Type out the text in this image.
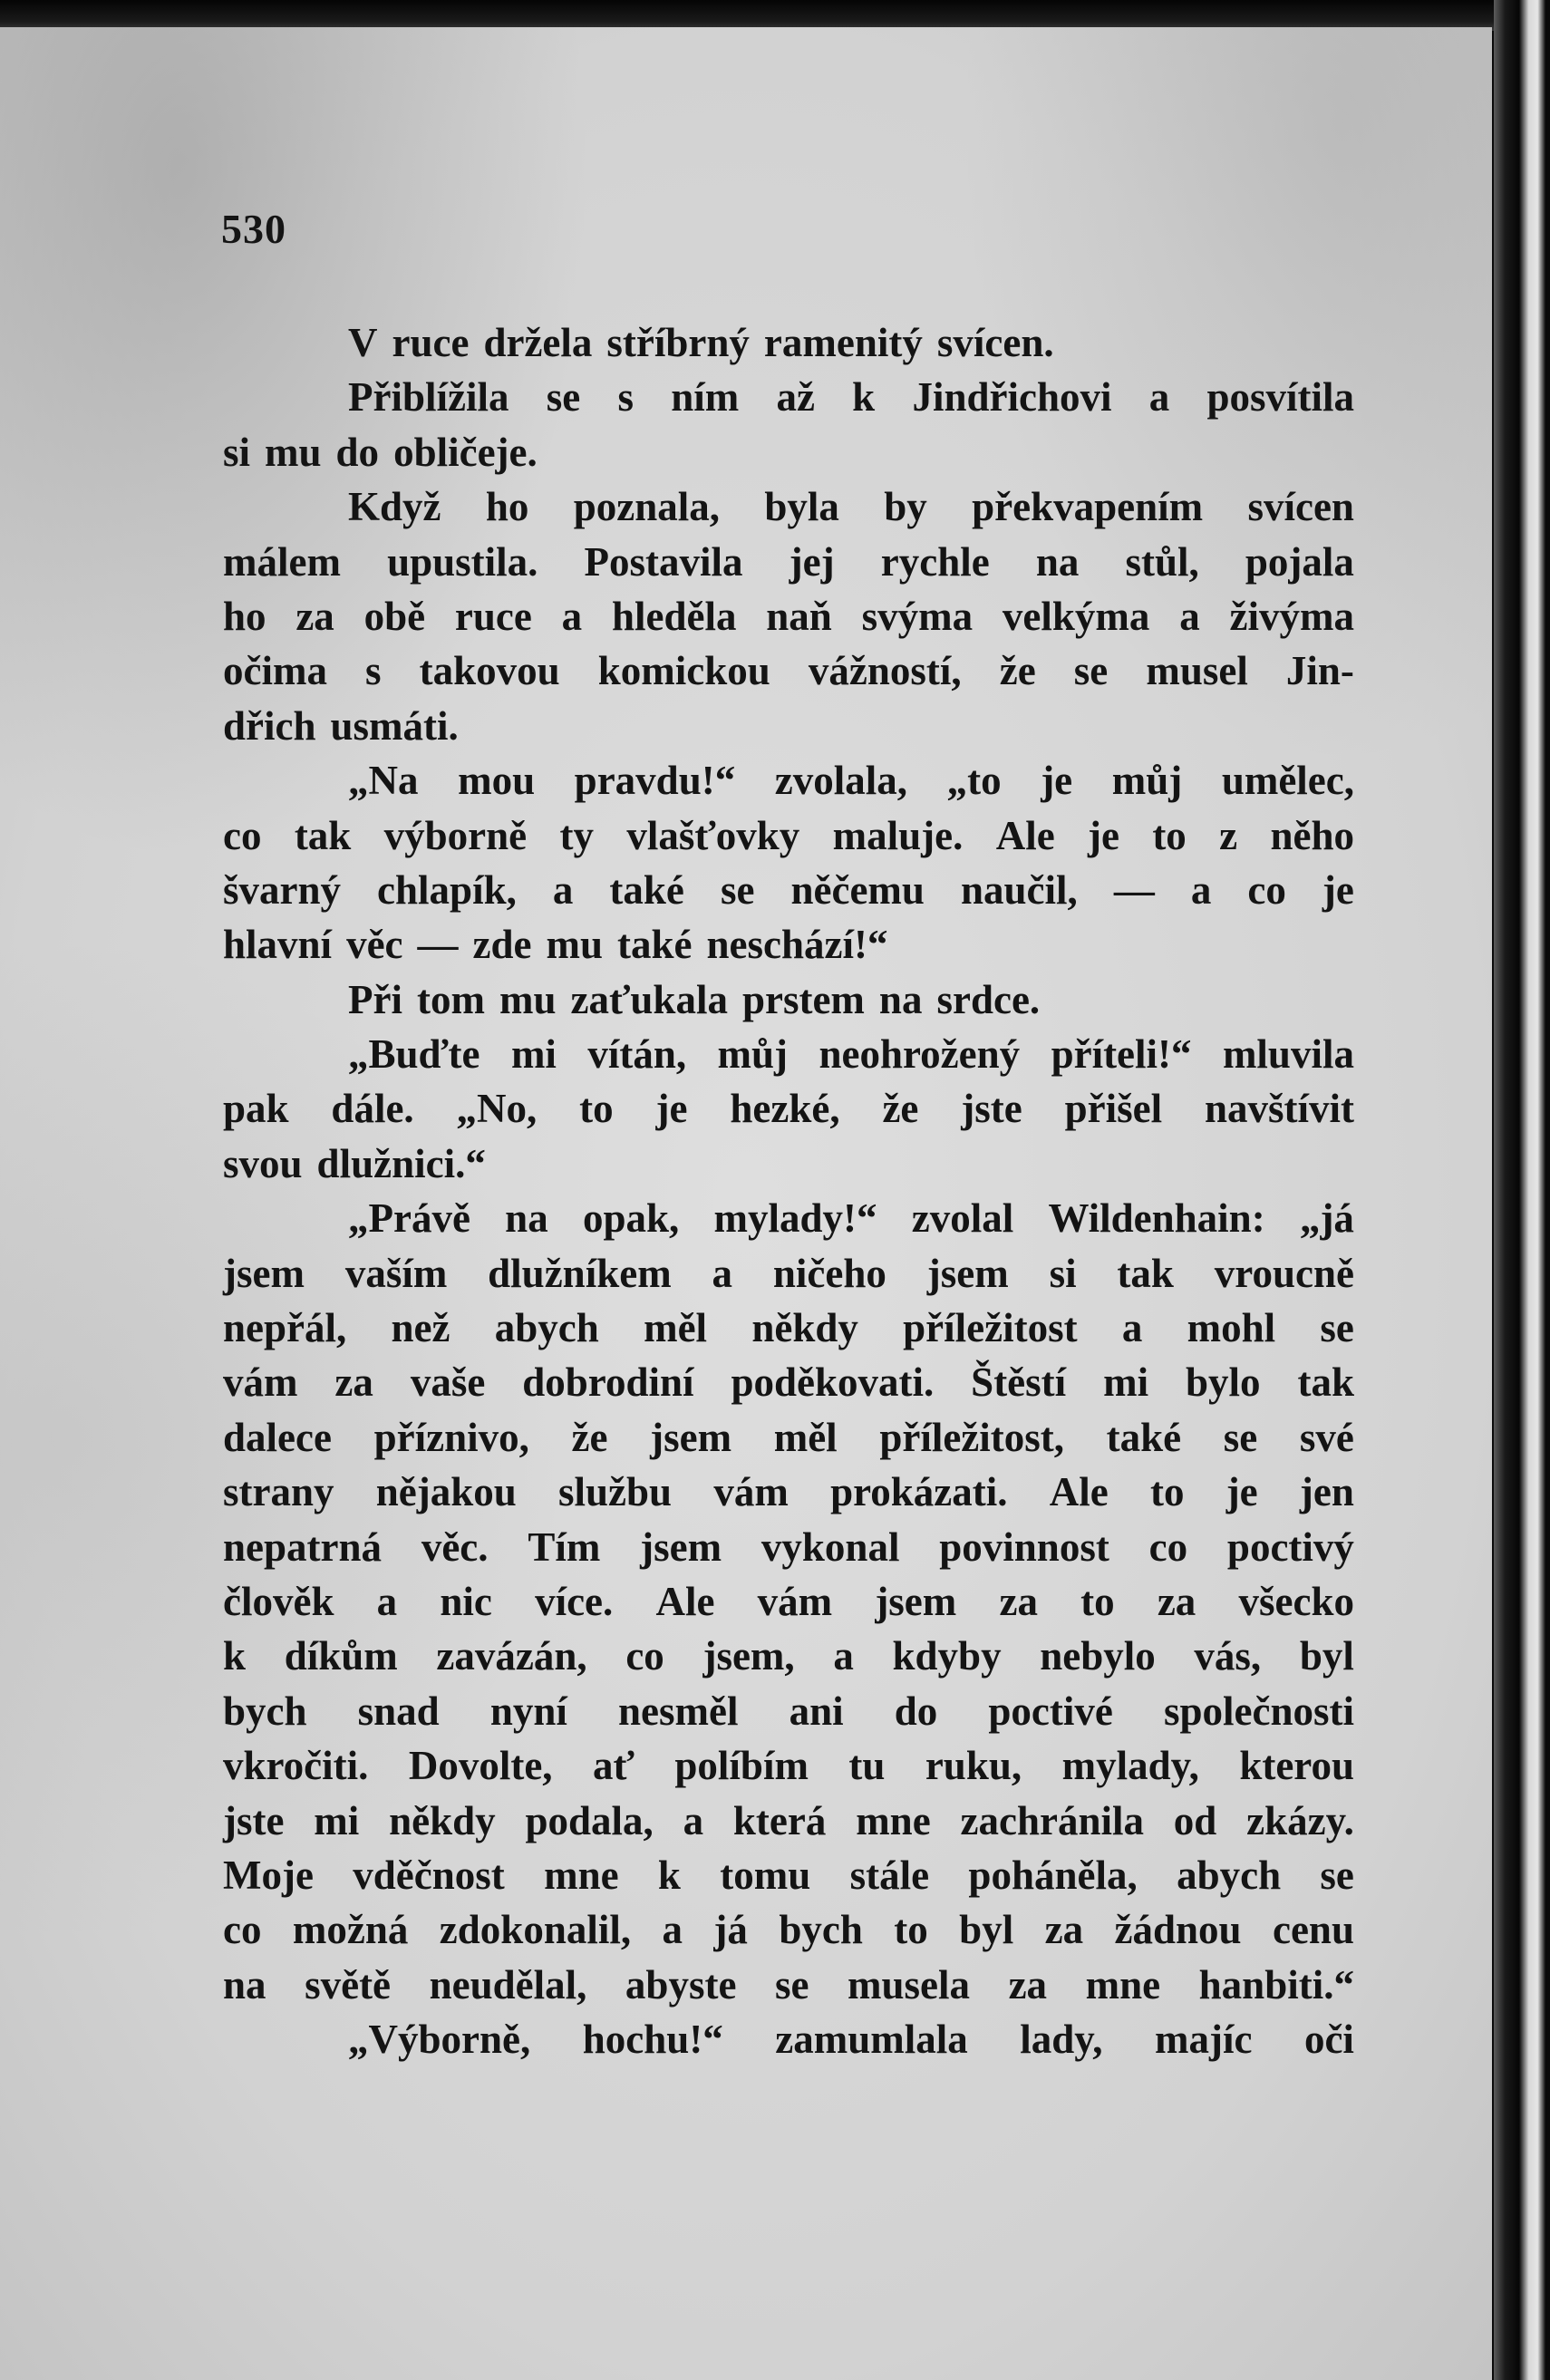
530
V ruce držela stříbrný ramenitý svícen.
Přiblížila se s ním až k Jindřichovi a posvítila
si mu do obličeje.
Když ho poznala, byla by překvapením svícen
málem upustila. Postavila jej rychle na stůl, pojala
ho za obě ruce a hleděla naň svýma velkýma a živýma
očima s takovou komickou vážností, že se musel Jin-
dřich usmáti.
„Na mou pravdu!“ zvolala, „to je můj umělec,
co tak výborně ty vlašťovky maluje. Ale je to z něho
švarný chlapík, a také se něčemu naučil, — a co je
hlavní věc — zde mu také neschází!“
Při tom mu zaťukala prstem na srdce.
„Buďte mi vítán, můj neohrožený příteli!“ mluvila
pak dále. „No, to je hezké, že jste přišel navštívit
svou dlužnici.“
„Právě na opak, mylady!“ zvolal Wildenhain: „já
jsem vaším dlužníkem a ničeho jsem si tak vroucně
nepřál, než abych měl někdy příležitost a mohl se
vám za vaše dobrodiní poděkovati. Štěstí mi bylo tak
dalece příznivo, že jsem měl příležitost, také se své
strany nějakou službu vám prokázati. Ale to je jen
nepatrná věc. Tím jsem vykonal povinnost co poctivý
člověk a nic více. Ale vám jsem za to za všecko
k díkům zavázán, co jsem, a kdyby nebylo vás, byl
bych snad nyní nesměl ani do poctivé společnosti
vkročiti. Dovolte, ať políbím tu ruku, mylady, kterou
jste mi někdy podala, a která mne zachránila od zkázy.
Moje vděčnost mne k tomu stále poháněla, abych se
co možná zdokonalil, a já bych to byl za žádnou cenu
na světě neudělal, abyste se musela za mne hanbiti.“
„Výborně, hochu!“ zamumlala lady, majíc oči
